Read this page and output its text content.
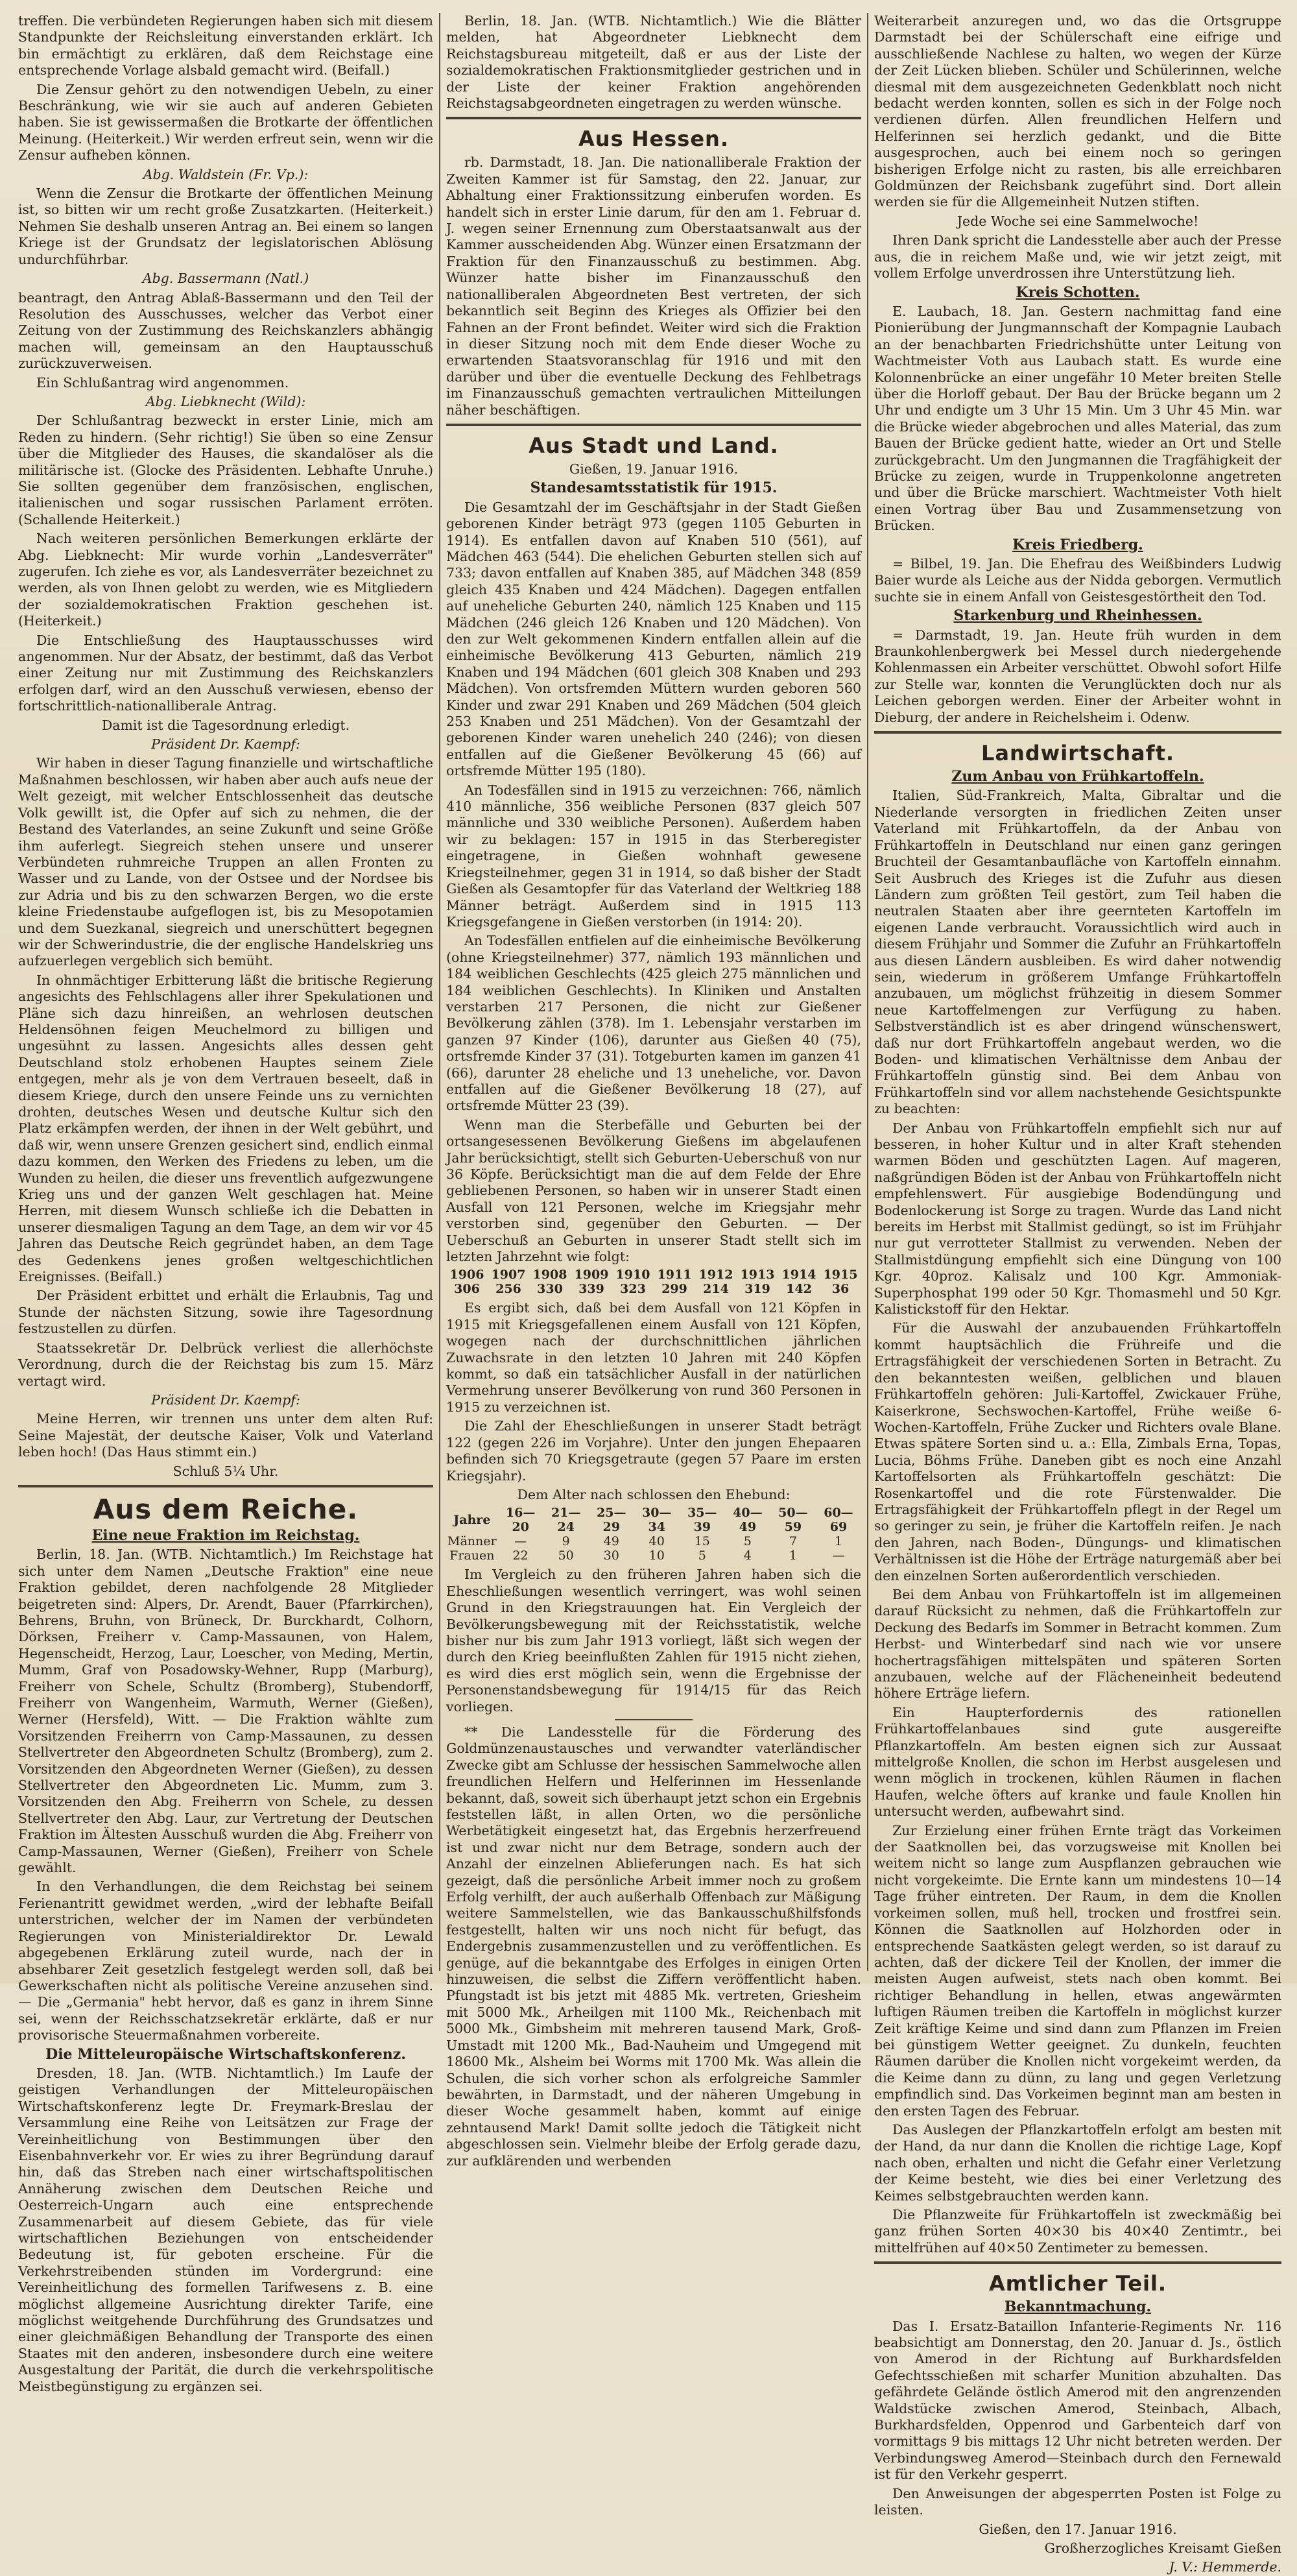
treffen. Die verbündeten Regierungen haben sich mit diesem Standpunkte der Reichsleitung einverstanden erklärt. Ich bin ermächtigt zu erklären, daß dem Reichstage eine entsprechende Vorlage alsbald gemacht wird. (Beifall.)

Die Zensur gehört zu den notwendigen Uebeln, zu einer Beschränkung, wie wir sie auch auf anderen Gebieten haben. Sie ist gewissermaßen die Brotkarte der öffentlichen Meinung. (Heiterkeit.) Wir werden erfreut sein, wenn wir die Zensur aufheben können.

Abg. Waldstein (Fr. Vp.):

Wenn die Zensur die Brotkarte der öffentlichen Meinung ist, so bitten wir um recht große Zusatzkarten. (Heiterkeit.) Nehmen Sie deshalb unseren Antrag an. Bei einem so langen Kriege ist der Grundsatz der legislatorischen Ablösung undurchführbar.

Abg. Bassermann (Natl.)

beantragt, den Antrag Ablaß-Bassermann und den Teil der Resolution des Ausschusses, welcher das Verbot einer Zeitung von der Zustimmung des Reichskanzlers abhängig machen will, gemeinsam an den Hauptausschuß zurückzuverweisen.

Ein Schlußantrag wird angenommen.

Abg. Liebknecht (Wild):

Der Schlußantrag bezweckt in erster Linie, mich am Reden zu hindern. (Sehr richtig!) Sie üben so eine Zensur über die Mitglieder des Hauses, die skandalöser als die militärische ist. (Glocke des Präsidenten. Lebhafte Unruhe.) Sie sollten gegenüber dem französischen, englischen, italienischen und sogar russischen Parlament erröten. (Schallende Heiterkeit.)

Nach weiteren persönlichen Bemerkungen erklärte der Abg. Liebknecht: Mir wurde vorhin „Landesverräter" zugerufen. Ich ziehe es vor, als Landesverräter bezeichnet zu werden, als von Ihnen gelobt zu werden, wie es Mitgliedern der sozialdemokratischen Fraktion geschehen ist. (Heiterkeit.)

Die Entschließung des Hauptausschusses wird angenommen. Nur der Absatz, der bestimmt, daß das Verbot einer Zeitung nur mit Zustimmung des Reichskanzlers erfolgen darf, wird an den Ausschuß verwiesen, ebenso der fortschrittlich-nationalliberale Antrag.

Damit ist die Tagesordnung erledigt.

Präsident Dr. Kaempf:

Wir haben in dieser Tagung finanzielle und wirtschaftliche Maßnahmen beschlossen, wir haben aber auch aufs neue der Welt gezeigt, mit welcher Entschlossenheit das deutsche Volk gewillt ist, die Opfer auf sich zu nehmen, die der Bestand des Vaterlandes, an seine Zukunft und seine Größe ihm auferlegt. Siegreich stehen unsere und unserer Verbündeten ruhmreiche Truppen an allen Fronten zu Wasser und zu Lande, von der Ostsee und der Nordsee bis zur Adria und bis zu den schwarzen Bergen, wo die erste kleine Friedenstaube aufgeflogen ist, bis zu Mesopotamien und dem Suezkanal, siegreich und unerschüttert begegnen wir der Schwerindustrie, die der englische Handelskrieg uns aufzuerlegen vergeblich sich bemüht.

In ohnmächtiger Erbitterung läßt die britische Regierung angesichts des Fehlschlagens aller ihrer Spekulationen und Pläne sich dazu hinreißen, an wehrlosen deutschen Heldensöhnen feigen Meuchelmord zu billigen und ungesühnt zu lassen. Angesichts alles dessen geht Deutschland stolz erhobenen Hauptes seinem Ziele entgegen, mehr als je von dem Vertrauen beseelt, daß in diesem Kriege, durch den unsere Feinde uns zu vernichten drohten, deutsches Wesen und deutsche Kultur sich den Platz erkämpfen werden, der ihnen in der Welt gebührt, und daß wir, wenn unsere Grenzen gesichert sind, endlich einmal dazu kommen, den Werken des Friedens zu leben, um die Wunden zu heilen, die dieser uns freventlich aufgezwungene Krieg uns und der ganzen Welt geschlagen hat. Meine Herren, mit diesem Wunsch schließe ich die Debatten in unserer diesmaligen Tagung an dem Tage, an dem wir vor 45 Jahren das Deutsche Reich gegründet haben, an dem Tage des Gedenkens jenes großen weltgeschichtlichen Ereignisses. (Beifall.)

Der Präsident erbittet und erhält die Erlaubnis, Tag und Stunde der nächsten Sitzung, sowie ihre Tagesordnung festzustellen zu dürfen.

Staatssekretär Dr. Delbrück verliest die allerhöchste Verordnung, durch die der Reichstag bis zum 15. März vertagt wird.

Präsident Dr. Kaempf:

Meine Herren, wir trennen uns unter dem alten Ruf: Seine Majestät, der deutsche Kaiser, Volk und Vaterland leben hoch! (Das Haus stimmt ein.)

Schluß 5¼ Uhr.

Aus dem Reiche.
Eine neue Fraktion im Reichstag.

Berlin, 18. Jan. (WTB. Nichtamtlich.) Im Reichstage hat sich unter dem Namen „Deutsche Fraktion" eine neue Fraktion gebildet, deren nachfolgende 28 Mitglieder beigetreten sind: Alpers, Dr. Arendt, Bauer (Pfarrkirchen), Behrens, Bruhn, von Brüneck, Dr. Burckhardt, Colhorn, Dörksen, Freiherr v. Camp-Massaunen, von Halem, Hegenscheidt, Herzog, Laur, Loescher, von Meding, Mertin, Mumm, Graf von Posadowsky-Wehner, Rupp (Marburg), Freiherr von Schele, Schultz (Bromberg), Stubendorff, Freiherr von Wangenheim, Warmuth, Werner (Gießen), Werner (Hersfeld), Witt. — Die Fraktion wählte zum Vorsitzenden Freiherrn von Camp-Massaunen, zu dessen Stellvertreter den Abgeordneten Schultz (Bromberg), zum 2. Vorsitzenden den Abgeordneten Werner (Gießen), zu dessen Stellvertreter den Abgeordneten Lic. Mumm, zum 3. Vorsitzenden den Abg. Freiherrn von Schele, zu dessen Stellvertreter den Abg. Laur, zur Vertretung der Deutschen Fraktion im Ältesten Ausschuß wurden die Abg. Freiherr von Camp-Massaunen, Werner (Gießen), Freiherr von Schele gewählt.

In den Verhandlungen, die dem Reichstag bei seinem Ferienantritt gewidmet werden, „wird der lebhafte Beifall unterstrichen, welcher der im Namen der verbündeten Regierungen von Ministerialdirektor Dr. Lewald abgegebenen Erklärung zuteil wurde, nach der in absehbarer Zeit gesetzlich festgelegt werden soll, daß bei Gewerkschaften nicht als politische Vereine anzusehen sind. — Die „Germania" hebt hervor, daß es ganz in ihrem Sinne sei, wenn der Reichsschatzsekretär erklärte, daß er nur provisorische Steuermaßnahmen vorbereite.

Die Mitteleuropäische Wirtschaftskonferenz.

Dresden, 18. Jan. (WTB. Nichtamtlich.) Im Laufe der geistigen Verhandlungen der Mitteleuropäischen Wirtschaftskonferenz legte Dr. Freymark-Breslau der Versammlung eine Reihe von Leitsätzen zur Frage der Vereinheitlichung von Bestimmungen über den Eisenbahnverkehr vor. Er wies zu ihrer Begründung darauf hin, daß das Streben nach einer wirtschaftspolitischen Annäherung zwischen dem Deutschen Reiche und Oesterreich-Ungarn auch eine entsprechende Zusammenarbeit auf diesem Gebiete, das für viele wirtschaftlichen Beziehungen von entscheidender Bedeutung ist, für geboten erscheine. Für die Verkehrstreibenden stünden im Vordergrund: eine Vereinheitlichung des formellen Tarifwesens z. B. eine möglichst allgemeine Ausrichtung direkter Tarife, eine möglichst weitgehende Durchführung des Grundsatzes und einer gleichmäßigen Behandlung der Transporte des einen Staates mit den anderen, insbesondere durch eine weitere Ausgestaltung der Parität, die durch die verkehrspolitische Meistbegünstigung zu ergänzen sei.

Berlin, 18. Jan. (WTB. Nichtamtlich.) Wie die Blätter melden, hat Abgeordneter Liebknecht dem Reichstagsbureau mitgeteilt, daß er aus der Liste der sozialdemokratischen Fraktionsmitglieder gestrichen und in der Liste der keiner Fraktion angehörenden Reichstagsabgeordneten eingetragen zu werden wünsche.

Aus Hessen.

rb. Darmstadt, 18. Jan. Die nationalliberale Fraktion der Zweiten Kammer ist für Samstag, den 22. Januar, zur Abhaltung einer Fraktionssitzung einberufen worden. Es handelt sich in erster Linie darum, für den am 1. Februar d. J. wegen seiner Ernennung zum Oberstaatsanwalt aus der Kammer ausscheidenden Abg. Wünzer einen Ersatzmann der Fraktion für den Finanzausschuß zu bestimmen. Abg. Wünzer hatte bisher im Finanzausschuß den nationalliberalen Abgeordneten Best vertreten, der sich bekanntlich seit Beginn des Krieges als Offizier bei den Fahnen an der Front befindet. Weiter wird sich die Fraktion in dieser Sitzung noch mit dem Ende dieser Woche zu erwartenden Staatsvoranschlag für 1916 und mit den darüber und über die eventuelle Deckung des Fehlbetrags im Finanzausschuß gemachten vertraulichen Mitteilungen näher beschäftigen.

Aus Stadt und Land.

Gießen, 19. Januar 1916.

Standesamtsstatistik für 1915.

Die Gesamtzahl der im Geschäftsjahr in der Stadt Gießen geborenen Kinder beträgt 973 (gegen 1105 Geburten in 1914). Es entfallen davon auf Knaben 510 (561), auf Mädchen 463 (544). Die ehelichen Geburten stellen sich auf 733; davon entfallen auf Knaben 385, auf Mädchen 348 (859 gleich 435 Knaben und 424 Mädchen). Dagegen entfallen auf uneheliche Geburten 240, nämlich 125 Knaben und 115 Mädchen (246 gleich 126 Knaben und 120 Mädchen). Von den zur Welt gekommenen Kindern entfallen allein auf die einheimische Bevölkerung 413 Geburten, nämlich 219 Knaben und 194 Mädchen (601 gleich 308 Knaben und 293 Mädchen). Von ortsfremden Müttern wurden geboren 560 Kinder und zwar 291 Knaben und 269 Mädchen (504 gleich 253 Knaben und 251 Mädchen). Von der Gesamtzahl der geborenen Kinder waren unehelich 240 (246); von diesen entfallen auf die Gießener Bevölkerung 45 (66) auf ortsfremde Mütter 195 (180).

An Todesfällen sind in 1915 zu verzeichnen: 766, nämlich 410 männliche, 356 weibliche Personen (837 gleich 507 männliche und 330 weibliche Personen). Außerdem haben wir zu beklagen: 157 in 1915 in das Sterberegister eingetragene, in Gießen wohnhaft gewesene Kriegsteilnehmer, gegen 31 in 1914, so daß bisher der Stadt Gießen als Gesamtopfer für das Vaterland der Weltkrieg 188 Männer beträgt. Außerdem sind in 1915 113 Kriegsgefangene in Gießen verstorben (in 1914: 20).

An Todesfällen entfielen auf die einheimische Bevölkerung (ohne Kriegsteilnehmer) 377, nämlich 193 männlichen und 184 weiblichen Geschlechts (425 gleich 275 männlichen und 184 weiblichen Geschlechts). In Kliniken und Anstalten verstarben 217 Personen, die nicht zur Gießener Bevölkerung zählen (378). Im 1. Lebensjahr verstarben im ganzen 97 Kinder (106), darunter aus Gießen 40 (75), ortsfremde Kinder 37 (31). Totgeburten kamen im ganzen 41 (66), darunter 28 eheliche und 13 uneheliche, vor. Davon entfallen auf die Gießener Bevölkerung 18 (27), auf ortsfremde Mütter 23 (39).

Wenn man die Sterbefälle und Geburten bei der ortsangesessenen Bevölkerung Gießens im abgelaufenen Jahr berücksichtigt, stellt sich Geburten-Ueberschuß von nur 36 Köpfe. Berücksichtigt man die auf dem Felde der Ehre gebliebenen Personen, so haben wir in unserer Stadt einen Ausfall von 121 Personen, welche im Kriegsjahr mehr verstorben sind, gegenüber den Geburten. — Der Ueberschuß an Geburten in unserer Stadt stellt sich im letzten Jahrzehnt wie folgt:

1906	1907	1908	1909	1910	1911	1912	1913	1914	1915
306	256	330	339	323	299	214	319	142	36

Es ergibt sich, daß bei dem Ausfall von 121 Köpfen in 1915 mit Kriegsgefallenen einem Ausfall von 121 Köpfen, wogegen nach der durchschnittlichen jährlichen Zuwachsrate in den letzten 10 Jahren mit 240 Köpfen kommt, so daß ein tatsächlicher Ausfall in der natürlichen Vermehrung unserer Bevölkerung von rund 360 Personen in 1915 zu verzeichnen ist.

Die Zahl der Eheschließungen in unserer Stadt beträgt 122 (gegen 226 im Vorjahre). Unter den jungen Ehepaaren befinden sich 70 Kriegsgetraute (gegen 57 Paare im ersten Kriegsjahr).

Dem Alter nach schlossen den Ehebund:

Jahre	16—20	21—24	25—29	30—34	35—39	40—49	50—59	60—69
Männer	—	9	49	40	15	5	7	1
Frauen	22	50	30	10	5	4	1	—

Im Vergleich zu den früheren Jahren haben sich die Eheschließungen wesentlich verringert, was wohl seinen Grund in den Kriegstrauungen hat. Ein Vergleich der Bevölkerungsbewegung mit der Reichsstatistik, welche bisher nur bis zum Jahr 1913 vorliegt, läßt sich wegen der durch den Krieg beeinflußten Zahlen für 1915 nicht ziehen, es wird dies erst möglich sein, wenn die Ergebnisse der Personenstandsbewegung für 1914/15 für das Reich vorliegen.

** Die Landesstelle für die Förderung des Goldmünzenaustausches und verwandter vaterländischer Zwecke gibt am Schlusse der hessischen Sammelwoche allen freundlichen Helfern und Helferinnen im Hessenlande bekannt, daß, soweit sich überhaupt jetzt schon ein Ergebnis feststellen läßt, in allen Orten, wo die persönliche Werbetätigkeit eingesetzt hat, das Ergebnis herzerfreuend ist und zwar nicht nur dem Betrage, sondern auch der Anzahl der einzelnen Ablieferungen nach. Es hat sich gezeigt, daß die persönliche Arbeit immer noch zu großem Erfolg verhilft, der auch außerhalb Offenbach zur Mäßigung weitere Sammelstellen, wie das Bankausschußhilfsfonds festgestellt, halten wir uns noch nicht für befugt, das Endergebnis zusammenzustellen und zu veröffentlichen. Es genüge, auf die bekanntgabe des Erfolges in einigen Orten hinzuweisen, die selbst die Ziffern veröffentlicht haben. Pfungstadt ist bis jetzt mit 4885 Mk. vertreten, Griesheim mit 5000 Mk., Arheilgen mit 1100 Mk., Reichenbach mit 5000 Mk., Gimbsheim mit mehreren tausend Mark, Groß-Umstadt mit 1200 Mk., Bad-Nauheim und Umgegend mit 18600 Mk., Alsheim bei Worms mit 1700 Mk. Was allein die Schulen, die sich vorher schon als erfolgreiche Sammler bewährten, in Darmstadt, und der näheren Umgebung in dieser Woche gesammelt haben, kommt auf einige zehntausend Mark! Damit sollte jedoch die Tätigkeit nicht abgeschlossen sein. Vielmehr bleibe der Erfolg gerade dazu, zur aufklärenden und werbenden

Weiterarbeit anzuregen und, wo das die Ortsgruppe Darmstadt bei der Schülerschaft eine eifrige und ausschließende Nachlese zu halten, wo wegen der Kürze der Zeit Lücken blieben. Schüler und Schülerinnen, welche diesmal mit dem ausgezeichneten Gedenkblatt noch nicht bedacht werden konnten, sollen es sich in der Folge noch verdienen dürfen. Allen freundlichen Helfern und Helferinnen sei herzlich gedankt, und die Bitte ausgesprochen, auch bei einem noch so geringen bisherigen Erfolge nicht zu rasten, bis alle erreichbaren Goldmünzen der Reichsbank zugeführt sind. Dort allein werden sie für die Allgemeinheit Nutzen stiften.

Jede Woche sei eine Sammelwoche!

Ihren Dank spricht die Landesstelle aber auch der Presse aus, die in reichem Maße und, wie wir jetzt zeigt, mit vollem Erfolge unverdrossen ihre Unterstützung lieh.

Kreis Schotten.

E. Laubach, 18. Jan. Gestern nachmittag fand eine Pionierübung der Jungmannschaft der Kompagnie Laubach an der benachbarten Friedrichshütte unter Leitung von Wachtmeister Voth aus Laubach statt. Es wurde eine Kolonnenbrücke an einer ungefähr 10 Meter breiten Stelle über die Horloff gebaut. Der Bau der Brücke begann um 2 Uhr und endigte um 3 Uhr 15 Min. Um 3 Uhr 45 Min. war die Brücke wieder abgebrochen und alles Material, das zum Bauen der Brücke gedient hatte, wieder an Ort und Stelle zurückgebracht. Um den Jungmannen die Tragfähigkeit der Brücke zu zeigen, wurde in Truppenkolonne angetreten und über die Brücke marschiert. Wachtmeister Voth hielt einen Vortrag über Bau und Zusammensetzung von Brücken.

Kreis Friedberg.

= Bilbel, 19. Jan. Die Ehefrau des Weißbinders Ludwig Baier wurde als Leiche aus der Nidda geborgen. Vermutlich suchte sie in einem Anfall von Geistesgestörtheit den Tod.

Starkenburg und Rheinhessen.

= Darmstadt, 19. Jan. Heute früh wurden in dem Braunkohlenbergwerk bei Messel durch niedergehende Kohlenmassen ein Arbeiter verschüttet. Obwohl sofort Hilfe zur Stelle war, konnten die Verunglückten doch nur als Leichen geborgen werden. Einer der Arbeiter wohnt in Dieburg, der andere in Reichelsheim i. Odenw.

Landwirtschaft.
Zum Anbau von Frühkartoffeln.

Italien, Süd-Frankreich, Malta, Gibraltar und die Niederlande versorgten in friedlichen Zeiten unser Vaterland mit Frühkartoffeln, da der Anbau von Frühkartoffeln in Deutschland nur einen ganz geringen Bruchteil der Gesamtanbaufläche von Kartoffeln einnahm. Seit Ausbruch des Krieges ist die Zufuhr aus diesen Ländern zum größten Teil gestört, zum Teil haben die neutralen Staaten aber ihre geernteten Kartoffeln im eigenen Lande verbraucht. Voraussichtlich wird auch in diesem Frühjahr und Sommer die Zufuhr an Frühkartoffeln aus diesen Ländern ausbleiben. Es wird daher notwendig sein, wiederum in größerem Umfange Frühkartoffeln anzubauen, um möglichst frühzeitig in diesem Sommer neue Kartoffelmengen zur Verfügung zu haben. Selbstverständlich ist es aber dringend wünschenswert, daß nur dort Frühkartoffeln angebaut werden, wo die Boden- und klimatischen Verhältnisse dem Anbau der Frühkartoffeln günstig sind. Bei dem Anbau von Frühkartoffeln sind vor allem nachstehende Gesichtspunkte zu beachten:

Der Anbau von Frühkartoffeln empfiehlt sich nur auf besseren, in hoher Kultur und in alter Kraft stehenden warmen Böden und geschützten Lagen. Auf mageren, naßgründigen Böden ist der Anbau von Frühkartoffeln nicht empfehlenswert. Für ausgiebige Bodendüngung und Bodenlockerung ist Sorge zu tragen. Wurde das Land nicht bereits im Herbst mit Stallmist gedüngt, so ist im Frühjahr nur gut verrotteter Stallmist zu verwenden. Neben der Stallmistdüngung empfiehlt sich eine Düngung von 100 Kgr. 40proz. Kalisalz und 100 Kgr. Ammoniak-Superphosphat 199 oder 50 Kgr. Thomasmehl und 50 Kgr. Kalistickstoff für den Hektar.

Für die Auswahl der anzubauenden Frühkartoffeln kommt hauptsächlich die Frühreife und die Ertragsfähigkeit der verschiedenen Sorten in Betracht. Zu den bekanntesten weißen, gelblichen und blauen Frühkartoffeln gehören: Juli-Kartoffel, Zwickauer Frühe, Kaiserkrone, Sechswochen-Kartoffel, Frühe weiße 6-Wochen-Kartoffeln, Frühe Zucker und Richters ovale Blane. Etwas spätere Sorten sind u. a.: Ella, Zimbals Erna, Topas, Lucia, Böhms Frühe. Daneben gibt es noch eine Anzahl Kartoffelsorten als Frühkartoffeln geschätzt: Die Rosenkartoffel und die rote Fürstenwalder. Die Ertragsfähigkeit der Frühkartoffeln pflegt in der Regel um so geringer zu sein, je früher die Kartoffeln reifen. Je nach den Jahren, nach Boden-, Düngungs- und klimatischen Verhältnissen ist die Höhe der Erträge naturgemäß aber bei den einzelnen Sorten außerordentlich verschieden.

Bei dem Anbau von Frühkartoffeln ist im allgemeinen darauf Rücksicht zu nehmen, daß die Frühkartoffeln zur Deckung des Bedarfs im Sommer in Betracht kommen. Zum Herbst- und Winterbedarf sind nach wie vor unsere hochertragsfähigen mittelspäten und späteren Sorten anzubauen, welche auf der Flächeneinheit bedeutend höhere Erträge liefern.

Ein Haupterfordernis des rationellen Frühkartoffelanbaues sind gute ausgereifte Pflanzkartoffeln. Am besten eignen sich zur Aussaat mittelgroße Knollen, die schon im Herbst ausgelesen und wenn möglich in trockenen, kühlen Räumen in flachen Haufen, welche öfters auf kranke und faule Knollen hin untersucht werden, aufbewahrt sind.

Zur Erzielung einer frühen Ernte trägt das Vorkeimen der Saatknollen bei, das vorzugsweise mit Knollen bei weitem nicht so lange zum Auspflanzen gebrauchen wie nicht vorgekeimte. Die Ernte kann um mindestens 10—14 Tage früher eintreten. Der Raum, in dem die Knollen vorkeimen sollen, muß hell, trocken und frostfrei sein. Können die Saatknollen auf Holzhorden oder in entsprechende Saatkästen gelegt werden, so ist darauf zu achten, daß der dickere Teil der Knollen, der immer die meisten Augen aufweist, stets nach oben kommt. Bei richtiger Behandlung in hellen, etwas angewärmten luftigen Räumen treiben die Kartoffeln in möglichst kurzer Zeit kräftige Keime und sind dann zum Pflanzen im Freien bei günstigem Wetter geeignet. Zu dunkeln, feuchten Räumen darüber die Knollen nicht vorgekeimt werden, da die Keime dann zu dünn, zu lang und gegen Verletzung empfindlich sind. Das Vorkeimen beginnt man am besten in den ersten Tagen des Februar.

Das Auslegen der Pflanzkartoffeln erfolgt am besten mit der Hand, da nur dann die Knollen die richtige Lage, Kopf nach oben, erhalten und nicht die Gefahr einer Verletzung der Keime besteht, wie dies bei einer Verletzung des Keimes selbstgebrauchten werden kann.

Die Pflanzweite für Frühkartoffeln ist zweckmäßig bei ganz frühen Sorten 40×30 bis 40×40 Zentimtr., bei mittelfrühen auf 40×50 Zentimeter zu bemessen.

Amtlicher Teil.
Bekanntmachung.

Das I. Ersatz-Bataillon Infanterie-Regiments Nr. 116 beabsichtigt am Donnerstag, den 20. Januar d. Js., östlich von Amerod in der Richtung auf Burkhardsfelden Gefechtsschießen mit scharfer Munition abzuhalten. Das gefährdete Gelände östlich Amerod mit den angrenzenden Waldstücke zwischen Amerod, Steinbach, Albach, Burkhardsfelden, Oppenrod und Garbenteich darf von vormittags 9 bis mittags 12 Uhr nicht betreten werden. Der Verbindungsweg Amerod—Steinbach durch den Fernewald ist für den Verkehr gesperrt.

Den Anweisungen der abgesperrten Posten ist Folge zu leisten.

Gießen, den 17. Januar 1916.

Großherzogliches Kreisamt Gießen

J. V.: Hemmerde.
